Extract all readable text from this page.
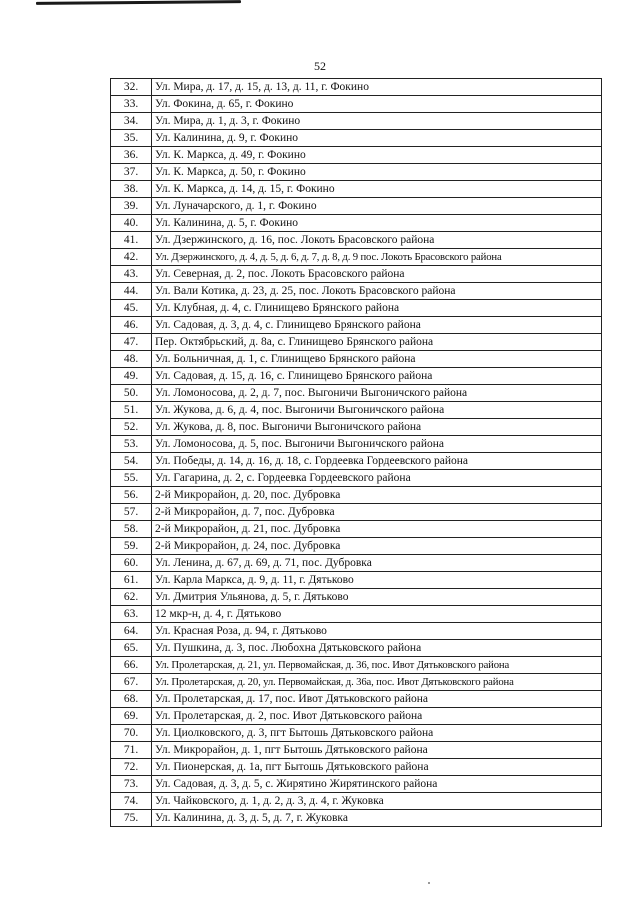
52
32.	Ул. Мира, д. 17, д. 15, д. 13, д. 11, г. Фокино
33.	Ул. Фокина, д. 65, г. Фокино
34.	Ул. Мира, д. 1, д. 3, г. Фокино
35.	Ул. Калинина, д. 9, г. Фокино
36.	Ул. К. Маркса, д. 49, г. Фокино
37.	Ул. К. Маркса, д. 50, г. Фокино
38.	Ул. К. Маркса, д. 14, д. 15, г. Фокино
39.	Ул. Луначарского, д. 1, г. Фокино
40.	Ул. Калинина, д. 5, г. Фокино
41.	Ул. Дзержинского, д. 16, пос. Локоть Брасовского района
42.	Ул. Дзержинского, д. 4, д. 5, д. 6, д. 7, д. 8, д. 9 пос. Локоть Брасовского района
43.	Ул. Северная, д. 2, пос. Локоть Брасовского района
44.	Ул. Вали Котика, д. 23, д. 25, пос. Локоть Брасовского района
45.	Ул. Клубная, д. 4, с. Глинищево Брянского района
46.	Ул. Садовая, д. 3, д. 4, с. Глинищево Брянского района
47.	Пер. Октябрьский, д. 8а, с. Глинищево Брянского района
48.	Ул. Больничная, д. 1, с. Глинищево Брянского района
49.	Ул. Садовая, д. 15, д. 16, с. Глинищево Брянского района
50.	Ул. Ломоносова, д. 2, д. 7, пос. Выгоничи Выгоничского района
51.	Ул. Жукова, д. 6, д. 4, пос. Выгоничи Выгоничского района
52.	Ул. Жукова, д. 8, пос. Выгоничи Выгоничского района
53.	Ул. Ломоносова, д. 5, пос. Выгоничи Выгоничского района
54.	Ул. Победы, д. 14, д. 16, д. 18, с. Гордеевка Гордеевского района
55.	Ул. Гагарина, д. 2, с. Гордеевка Гордеевского района
56.	2-й Микрорайон, д. 20, пос. Дубровка
57.	2-й Микрорайон, д. 7, пос. Дубровка
58.	2-й Микрорайон, д. 21, пос. Дубровка
59.	2-й Микрорайон, д. 24, пос. Дубровка
60.	Ул. Ленина, д. 67, д. 69, д. 71, пос. Дубровка
61.	Ул. Карла Маркса, д. 9, д. 11, г. Дятьково
62.	Ул. Дмитрия Ульянова, д. 5, г. Дятьково
63.	12 мкр-н, д. 4, г. Дятьково
64.	Ул. Красная Роза, д. 94, г. Дятьково
65.	Ул. Пушкина, д. 3, пос. Любохна Дятьковского района
66.	Ул. Пролетарская, д. 21, ул. Первомайская, д. 36, пос. Ивот Дятьковского района
67.	Ул. Пролетарская, д. 20, ул. Первомайская, д. 36а, пос. Ивот Дятьковского района
68.	Ул. Пролетарская, д. 17, пос. Ивот Дятьковского района
69.	Ул. Пролетарская, д. 2, пос. Ивот Дятьковского района
70.	Ул. Циолковского, д. 3, пгт Бытошь Дятьковского района
71.	Ул. Микрорайон, д. 1, пгт Бытошь Дятьковского района
72.	Ул. Пионерская, д. 1а, пгт Бытошь Дятьковского района
73.	Ул. Садовая, д. 3, д. 5, с. Жирятино Жирятинского района
74.	Ул. Чайковского, д. 1, д. 2, д. 3, д. 4, г. Жуковка
75.	Ул. Калинина, д. 3, д. 5, д. 7, г. Жуковка
